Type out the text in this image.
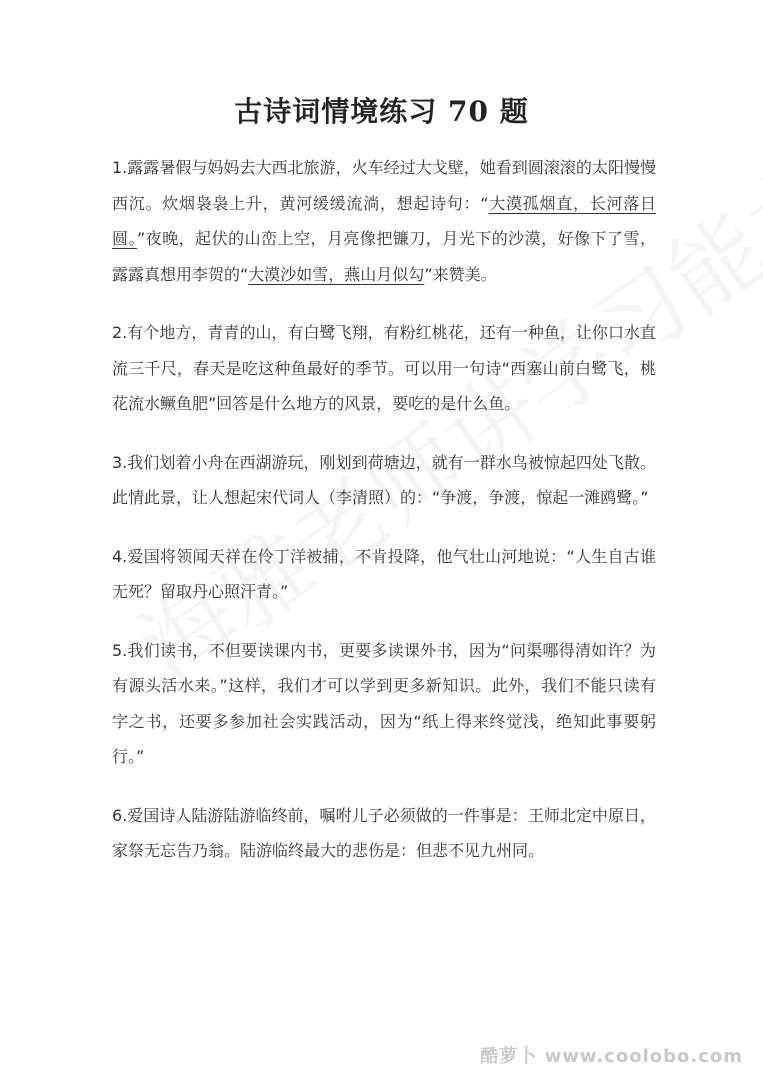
古诗词情境练习 70 题

1.露露暑假与妈妈去大西北旅游，火车经过大戈壁，她看到圆滚滚的太阳慢慢西沉。炊烟袅袅上升，黄河缓缓流淌，想起诗句：“大漠孤烟直，长河落日圆。”夜晚，起伏的山峦上空，月亮像把镰刀，月光下的沙漠，好像下了雪，露露真想用李贺的“大漠沙如雪，燕山月似勾”来赞美。

2.有个地方，青青的山，有白鹭飞翔，有粉红桃花，还有一种鱼，让你口水直流三千尺，春天是吃这种鱼最好的季节。可以用一句诗“西塞山前白鹭飞，桃花流水鳜鱼肥”回答是什么地方的风景，要吃的是什么鱼。

3.我们划着小舟在西湖游玩，刚划到荷塘边，就有一群水鸟被惊起四处飞散。此情此景，让人想起宋代词人（李清照）的：“争渡，争渡，惊起一滩鸥鹭。”

4.爱国将领闻天祥在伶丁洋被捕，不肯投降，他气壮山河地说：“人生自古谁无死？留取丹心照汗青。”

5.我们读书，不但要读课内书，更要多读课外书，因为“问渠哪得清如许？为有源头活水来。”这样，我们才可以学到更多新知识。此外，我们不能只读有字之书，还要多参加社会实践活动，因为“纸上得来终觉浅，绝知此事要躬行。”

6.爱国诗人陆游陆游临终前，嘱咐儿子必须做的一件事是：王师北定中原日，家祭无忘告乃翁。陆游临终最大的悲伤是：但悲不见九州同。

酷萝卜 www.coolobo.com
